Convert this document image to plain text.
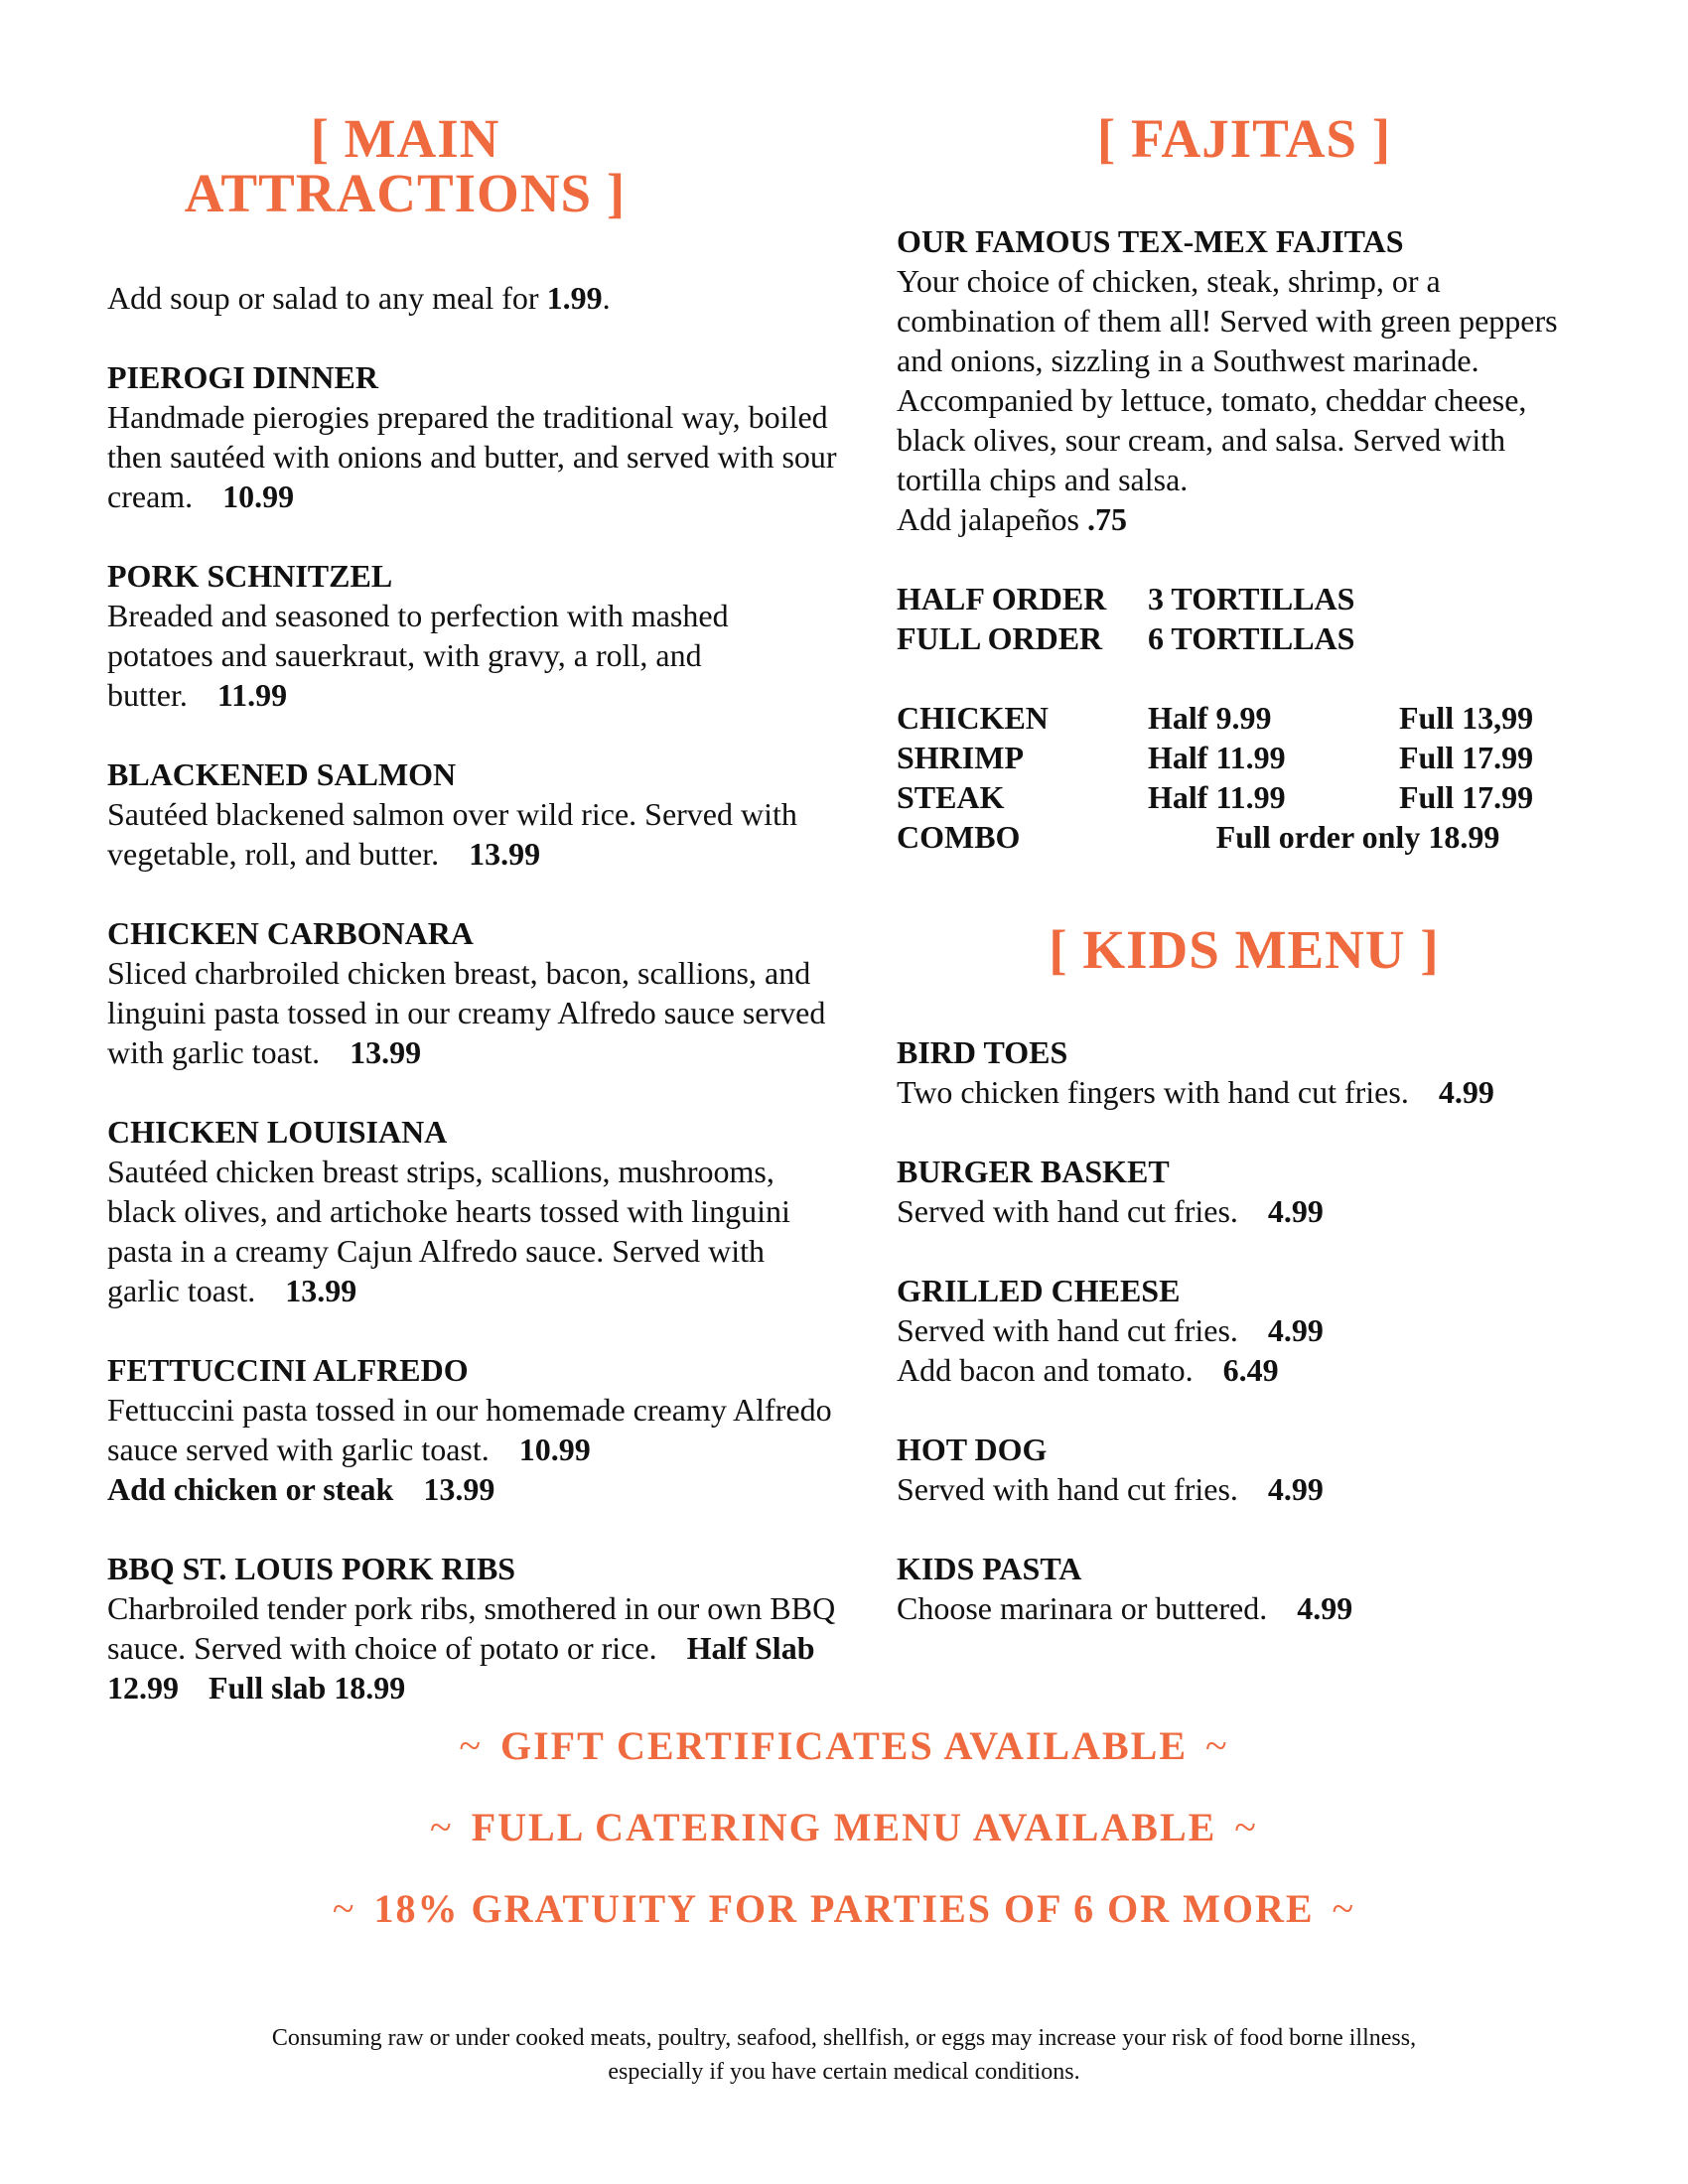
[ MAIN ATTRACTIONS ]
Add soup or salad to any meal for 1.99.
PIEROGI DINNER
Handmade pierogies prepared the traditional way, boiled then sautéed with onions and butter, and served with sour cream. 10.99
PORK SCHNITZEL
Breaded and seasoned to perfection with mashed potatoes and sauerkraut, with gravy, a roll, and butter. 11.99
BLACKENED SALMON
Sautéed blackened salmon over wild rice. Served with vegetable, roll, and butter. 13.99
CHICKEN CARBONARA
Sliced charbroiled chicken breast, bacon, scallions, and linguini pasta tossed in our creamy Alfredo sauce served with garlic toast. 13.99
CHICKEN LOUISIANA
Sautéed chicken breast strips, scallions, mushrooms, black olives, and artichoke hearts tossed with linguini pasta in a creamy Cajun Alfredo sauce. Served with garlic toast. 13.99
FETTUCCINI ALFREDO
Fettuccini pasta tossed in our homemade creamy Alfredo sauce served with garlic toast. 10.99
Add chicken or steak 13.99
BBQ ST. LOUIS PORK RIBS
Charbroiled tender pork ribs, smothered in our own BBQ sauce. Served with choice of potato or rice. Half Slab 12.99 Full slab 18.99
[ FAJITAS ]
OUR FAMOUS TEX-MEX FAJITAS
Your choice of chicken, steak, shrimp, or a combination of them all! Served with green peppers and onions, sizzling in a Southwest marinade. Accompanied by lettuce, tomato, cheddar cheese, black olives, sour cream, and salsa. Served with tortilla chips and salsa.
Add jalapeños .75
HALF ORDER	3 TORTILLAS
FULL ORDER	6 TORTILLAS
CHICKEN	Half 9.99	Full 13,99
SHRIMP	Half 11.99	Full 17.99
STEAK	Half 11.99	Full 17.99
COMBO	Full order only 18.99
[ KIDS MENU ]
BIRD TOES
Two chicken fingers with hand cut fries. 4.99
BURGER BASKET
Served with hand cut fries. 4.99
GRILLED CHEESE
Served with hand cut fries. 4.99
Add bacon and tomato. 6.49
HOT DOG
Served with hand cut fries. 4.99
KIDS PASTA
Choose marinara or buttered. 4.99
~ GIFT CERTIFICATES AVAILABLE ~
~ FULL CATERING MENU AVAILABLE ~
~ 18% GRATUITY FOR PARTIES OF 6 OR MORE ~
Consuming raw or under cooked meats, poultry, seafood, shellfish, or eggs may increase your risk of food borne illness,
especially if you have certain medical conditions.
